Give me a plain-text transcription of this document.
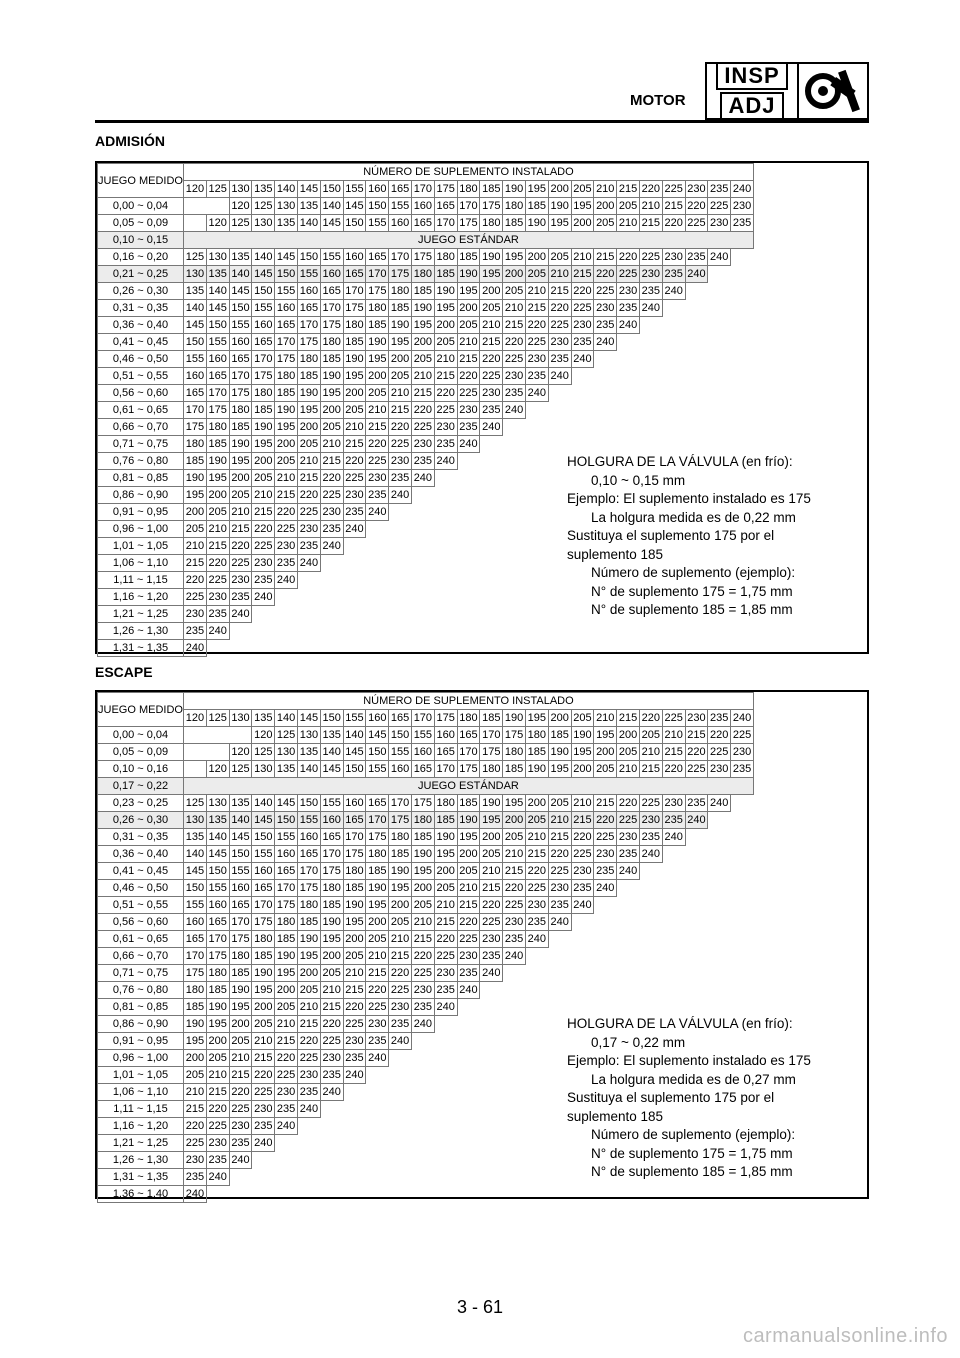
MOTOR
INSP
ADJ
ADMISIÓN
JUEGO MEDIDO	NÚMERO DE SUPLEMENTO INSTALADO																								
	120	125	130	135	140	145	150	155	160	165	170	175	180	185	190	195	200	205	210	215	220	225	230	235	240
0,00 ~ 0,04			120	125	130	135	140	145	150	155	160	165	170	175	180	185	190	195	200	205	210	215	220	225	230
0,05 ~ 0,09		120	125	130	135	140	145	150	155	160	165	170	175	180	185	190	195	200	205	210	215	220	225	230	235
0,10 ~ 0,15	JUEGO ESTÁNDAR																								
0,16 ~ 0,20	125	130	135	140	145	150	155	160	165	170	175	180	185	190	195	200	205	210	215	220	225	230	235	240	
0,21 ~ 0,25	130	135	140	145	150	155	160	165	170	175	180	185	190	195	200	205	210	215	220	225	230	235	240		
0,26 ~ 0,30	135	140	145	150	155	160	165	170	175	180	185	190	195	200	205	210	215	220	225	230	235	240			
0,31 ~ 0,35	140	145	150	155	160	165	170	175	180	185	190	195	200	205	210	215	220	225	230	235	240				
0,36 ~ 0,40	145	150	155	160	165	170	175	180	185	190	195	200	205	210	215	220	225	230	235	240					
0,41 ~ 0,45	150	155	160	165	170	175	180	185	190	195	200	205	210	215	220	225	230	235	240						
0,46 ~ 0,50	155	160	165	170	175	180	185	190	195	200	205	210	215	220	225	230	235	240							
0,51 ~ 0,55	160	165	170	175	180	185	190	195	200	205	210	215	220	225	230	235	240								
0,56 ~ 0,60	165	170	175	180	185	190	195	200	205	210	215	220	225	230	235	240									
0,61 ~ 0,65	170	175	180	185	190	195	200	205	210	215	220	225	230	235	240										
0,66 ~ 0,70	175	180	185	190	195	200	205	210	215	220	225	230	235	240											
0,71 ~ 0,75	180	185	190	195	200	205	210	215	220	225	230	235	240												
0,76 ~ 0,80	185	190	195	200	205	210	215	220	225	230	235	240													
0,81 ~ 0,85	190	195	200	205	210	215	220	225	230	235	240														
0,86 ~ 0,90	195	200	205	210	215	220	225	230	235	240															
0,91 ~ 0,95	200	205	210	215	220	225	230	235	240																
0,96 ~ 1,00	205	210	215	220	225	230	235	240																	
1,01 ~ 1,05	210	215	220	225	230	235	240																		
1,06 ~ 1,10	215	220	225	230	235	240																			
1,11 ~ 1,15	220	225	230	235	240																				
1,16 ~ 1,20	225	230	235	240																					
1,21 ~ 1,25	230	235	240																						
1,26 ~ 1,30	235	240																							
1,31 ~ 1,35	240																								
HOLGURA DE LA VÁLVULA (en frío):
0,10 ~ 0,15 mm
Ejemplo: El suplemento instalado es 175
La holgura medida es de 0,22 mm
Sustituya el suplemento 175 por el
suplemento 185
Número de suplemento (ejemplo):
N° de suplemento 175 = 1,75 mm
N° de suplemento 185 = 1,85 mm
ESCAPE
JUEGO MEDIDO	NÚMERO DE SUPLEMENTO INSTALADO																								
	120	125	130	135	140	145	150	155	160	165	170	175	180	185	190	195	200	205	210	215	220	225	230	235	240
0,00 ~ 0,04				120	125	130	135	140	145	150	155	160	165	170	175	180	185	190	195	200	205	210	215	220	225
0,05 ~ 0,09			120	125	130	135	140	145	150	155	160	165	170	175	180	185	190	195	200	205	210	215	220	225	230
0,10 ~ 0,16		120	125	130	135	140	145	150	155	160	165	170	175	180	185	190	195	200	205	210	215	220	225	230	235
0,17 ~ 0,22	JUEGO ESTÁNDAR																								
0,23 ~ 0,25	125	130	135	140	145	150	155	160	165	170	175	180	185	190	195	200	205	210	215	220	225	230	235	240	
0,26 ~ 0,30	130	135	140	145	150	155	160	165	170	175	180	185	190	195	200	205	210	215	220	225	230	235	240		
0,31 ~ 0,35	135	140	145	150	155	160	165	170	175	180	185	190	195	200	205	210	215	220	225	230	235	240			
0,36 ~ 0,40	140	145	150	155	160	165	170	175	180	185	190	195	200	205	210	215	220	225	230	235	240				
0,41 ~ 0,45	145	150	155	160	165	170	175	180	185	190	195	200	205	210	215	220	225	230	235	240					
0,46 ~ 0,50	150	155	160	165	170	175	180	185	190	195	200	205	210	215	220	225	230	235	240						
0,51 ~ 0,55	155	160	165	170	175	180	185	190	195	200	205	210	215	220	225	230	235	240							
0,56 ~ 0,60	160	165	170	175	180	185	190	195	200	205	210	215	220	225	230	235	240								
0,61 ~ 0,65	165	170	175	180	185	190	195	200	205	210	215	220	225	230	235	240									
0,66 ~ 0,70	170	175	180	185	190	195	200	205	210	215	220	225	230	235	240										
0,71 ~ 0,75	175	180	185	190	195	200	205	210	215	220	225	230	235	240											
0,76 ~ 0,80	180	185	190	195	200	205	210	215	220	225	230	235	240												
0,81 ~ 0,85	185	190	195	200	205	210	215	220	225	230	235	240													
0,86 ~ 0,90	190	195	200	205	210	215	220	225	230	235	240														
0,91 ~ 0,95	195	200	205	210	215	220	225	230	235	240															
0,96 ~ 1,00	200	205	210	215	220	225	230	235	240																
1,01 ~ 1,05	205	210	215	220	225	230	235	240																	
1,06 ~ 1,10	210	215	220	225	230	235	240																		
1,11 ~ 1,15	215	220	225	230	235	240																			
1,16 ~ 1,20	220	225	230	235	240																				
1,21 ~ 1,25	225	230	235	240																					
1,26 ~ 1,30	230	235	240																						
1,31 ~ 1,35	235	240																							
1,36 ~ 1,40	240																								
HOLGURA DE LA VÁLVULA (en frío):
0,17 ~ 0,22 mm
Ejemplo: El suplemento instalado es 175
La holgura medida es de 0,27 mm
Sustituya el suplemento 175 por el
suplemento 185
Número de suplemento (ejemplo):
N° de suplemento 175 = 1,75 mm
N° de suplemento 185 = 1,85 mm
3 - 61
carmanualsonline.info
